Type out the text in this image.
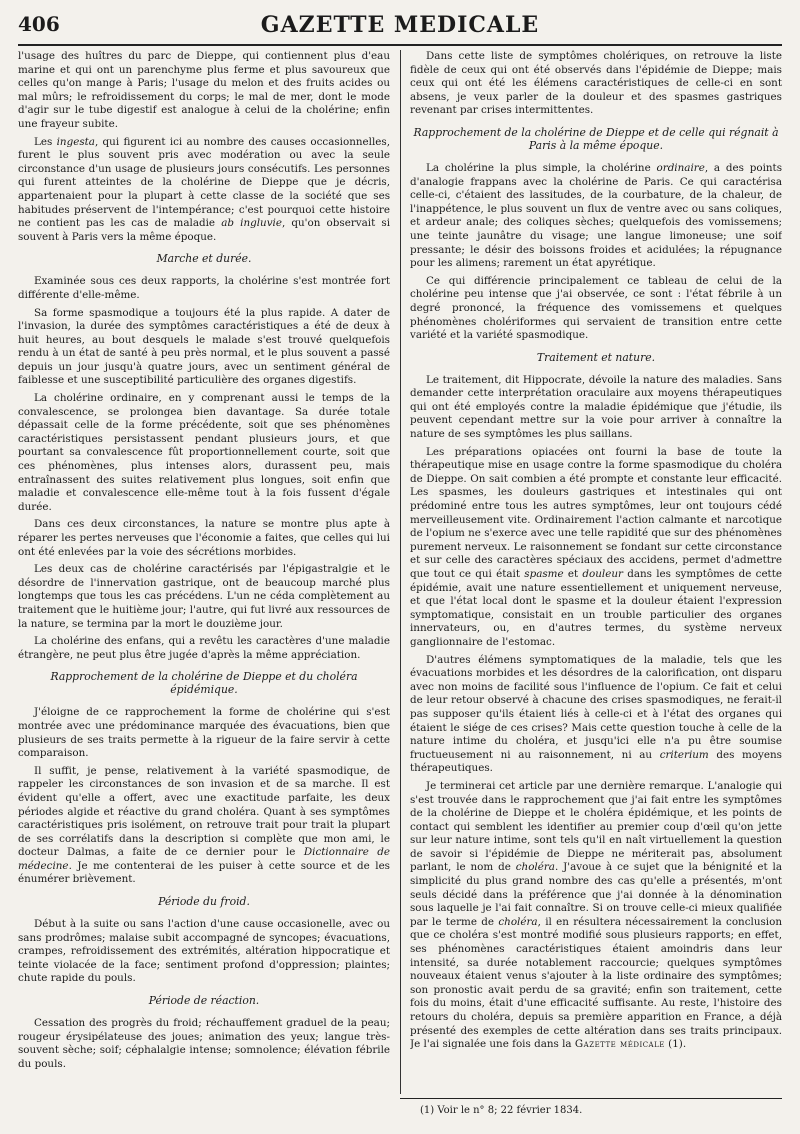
406	GAZETTE MEDICALE

l'usage des huîtres du parc de Dieppe, qui contiennent plus d'eau marine et qui ont un parenchyme plus ferme et plus savoureux que celles qu'on mange à Paris; l'usage du melon et des fruits acides ou mal mûrs; le refroidissement du corps; le mal de mer, dont le mode d'agir sur le tube digestif est analogue à celui de la cholérine; enfin une frayeur subite.

Les ingesta, qui figurent ici au nombre des causes occasionnelles, furent le plus souvent pris avec modération ou avec la seule circonstance d'un usage de plusieurs jours consécutifs. Les personnes qui furent atteintes de la cholérine de Dieppe que je décris, appartenaient pour la plupart à cette classe de la société que ses habitudes préservent de l'intempérance; c'est pourquoi cette histoire ne contient pas les cas de maladie ab ingluvie, qu'on observait si souvent à Paris vers la même époque.

Marche et durée.

Examinée sous ces deux rapports, la cholérine s'est montrée fort différente d'elle-même.

Sa forme spasmodique a toujours été la plus rapide. A dater de l'invasion, la durée des symptômes caractéristiques a été de deux à huit heures, au bout desquels le malade s'est trouvé quelquefois rendu à un état de santé à peu près normal, et le plus souvent a passé depuis un jour jusqu'à quatre jours, avec un sentiment général de faiblesse et une susceptibilité particulière des organes digestifs.

La cholérine ordinaire, en y comprenant aussi le temps de la convalescence, se prolongea bien davantage. Sa durée totale dépassait celle de la forme précédente, soit que ses phénomènes caractéristiques persistassent pendant plusieurs jours, et que pourtant sa convalescence fût proportionnellement courte, soit que ces phénomènes, plus intenses alors, durassent peu, mais entraînassent des suites relativement plus longues, soit enfin que maladie et convalescence elle-même tout à la fois fussent d'égale durée.

Dans ces deux circonstances, la nature se montre plus apte à réparer les pertes nerveuses que l'économie a faites, que celles qui lui ont été enlevées par la voie des sécrétions morbides.

Les deux cas de cholérine caractérisés par l'épigastralgie et le désordre de l'innervation gastrique, ont de beaucoup marché plus longtemps que tous les cas précédens. L'un ne céda complètement au traitement que le huitième jour; l'autre, qui fut livré aux ressources de la nature, se termina par la mort le douzième jour.

La cholérine des enfans, qui a revêtu les caractères d'une maladie étrangère, ne peut plus être jugée d'après la même appréciation.

Rapprochement de la cholérine de Dieppe et du choléra épidémique.

J'éloigne de ce rapprochement la forme de cholérine qui s'est montrée avec une prédominance marquée des évacuations, bien que plusieurs de ses traits permette à la rigueur de la faire servir à cette comparaison.

Il suffit, je pense, relativement à la variété spasmodique, de rappeler les circonstances de son invasion et de sa marche. Il est évident qu'elle a offert, avec une exactitude parfaite, les deux périodes algide et réactive du grand choléra. Quant à ses symptômes caractéristiques pris isolément, on retrouve trait pour trait la plupart de ses corrélatifs dans la description si complète que mon ami, le docteur Dalmas, a faite de ce dernier pour le Dictionnaire de médecine. Je me contenterai de les puiser à cette source et de les énumérer brièvement.

Période du froid.

Début à la suite ou sans l'action d'une cause occasionelle, avec ou sans prodrômes; malaise subit accompagné de syncopes; évacuations, crampes, refroidissement des extrémités, altération hippocratique et teinte violacée de la face; sentiment profond d'oppression; plaintes; chute rapide du pouls.

Période de réaction.

Cessation des progrès du froid; réchauffement graduel de la peau; rougeur érysipélateuse des joues; animation des yeux; langue très-souvent sèche; soif; céphalalgie intense; somnolence; élévation fébrile du pouls.

Dans cette liste de symptômes cholériques, on retrouve la liste fidèle de ceux qui ont été observés dans l'épidémie de Dieppe; mais ceux qui ont été les élémens caractéristiques de celle-ci en sont absens, je veux parler de la douleur et des spasmes gastriques revenant par crises intermittentes.

Rapprochement de la cholérine de Dieppe et de celle qui régnait à Paris à la même époque.

La cholérine la plus simple, la cholérine ordinaire, a des points d'analogie frappans avec la cholérine de Paris. Ce qui caractérisa celle-ci, c'étaient des lassitudes, de la courbature, de la chaleur, de l'inappétence, le plus souvent un flux de ventre avec ou sans coliques, et ardeur anale; des coliques sèches; quelquefois des vomissemens; une teinte jaunâtre du visage; une langue limoneuse; une soif pressante; le désir des boissons froides et acidulées; la répugnance pour les alimens; rarement un état apyrétique.

Ce qui différencie principalement ce tableau de celui de la cholérine peu intense que j'ai observée, ce sont : l'état fébrile à un degré prononcé, la fréquence des vomissemens et quelques phénomènes cholériformes qui servaient de transition entre cette variété et la variété spasmodique.

Traitement et nature.

Le traitement, dit Hippocrate, dévoile la nature des maladies. Sans demander cette interprétation oraculaire aux moyens thérapeutiques qui ont été employés contre la maladie épidémique que j'étudie, ils peuvent cependant mettre sur la voie pour arriver à connaître la nature de ses symptômes les plus saillans.

Les préparations opiacées ont fourni la base de toute la thérapeutique mise en usage contre la forme spasmodique du choléra de Dieppe. On sait combien a été prompte et constante leur efficacité. Les spasmes, les douleurs gastriques et intestinales qui ont prédominé entre tous les autres symptômes, leur ont toujours cédé merveilleusement vite. Ordinairement l'action calmante et narcotique de l'opium ne s'exerce avec une telle rapidité que sur des phénomènes purement nerveux. Le raisonnement se fondant sur cette circonstance et sur celle des caractères spéciaux des accidens, permet d'admettre que tout ce qui était spasme et douleur dans les symptômes de cette épidémie, avait une nature essentiellement et uniquement nerveuse, et que l'état local dont le spasme et la douleur étaient l'expression symptomatique, consistait en un trouble particulier des organes innervateurs, ou, en d'autres termes, du système nerveux ganglionnaire de l'estomac.

D'autres élémens symptomatiques de la maladie, tels que les évacuations morbides et les désordres de la calorification, ont disparu avec non moins de facilité sous l'influence de l'opium. Ce fait et celui de leur retour observé à chacune des crises spasmodiques, ne ferait-il pas supposer qu'ils étaient liés à celle-ci et à l'état des organes qui étaient le siége de ces crises? Mais cette question touche à celle de la nature intime du choléra, et jusqu'ici elle n'a pu être soumise fructueusement ni au raisonnement, ni au criterium des moyens thérapeutiques.

Je terminerai cet article par une dernière remarque. L'analogie qui s'est trouvée dans le rapprochement que j'ai fait entre les symptômes de la cholérine de Dieppe et le choléra épidémique, et les points de contact qui semblent les identifier au premier coup d'œil qu'on jette sur leur nature intime, sont tels qu'il en naît virtuellement la question de savoir si l'épidémie de Dieppe ne mériterait pas, absolument parlant, le nom de choléra. J'avoue à ce sujet que la bénignité et la simplicité du plus grand nombre des cas qu'elle a présentés, m'ont seuls décidé dans la préférence que j'ai donnée à la dénomination sous laquelle je l'ai fait connaître. Si on trouve celle-ci mieux qualifiée par le terme de choléra, il en résultera nécessairement la conclusion que ce choléra s'est montré modifié sous plusieurs rapports; en effet, ses phénomènes caractéristiques étaient amoindris dans leur intensité, sa durée notablement raccourcie; quelques symptômes nouveaux étaient venus s'ajouter à la liste ordinaire des symptômes; son pronostic avait perdu de sa gravité; enfin son traitement, cette fois du moins, était d'une efficacité suffisante. Au reste, l'histoire des retours du choléra, depuis sa première apparition en France, a déjà présenté des exemples de cette altération dans ses traits principaux. Je l'ai signalée une fois dans la Gazette médicale (1).

(1) Voir le n° 8; 22 février 1834.
